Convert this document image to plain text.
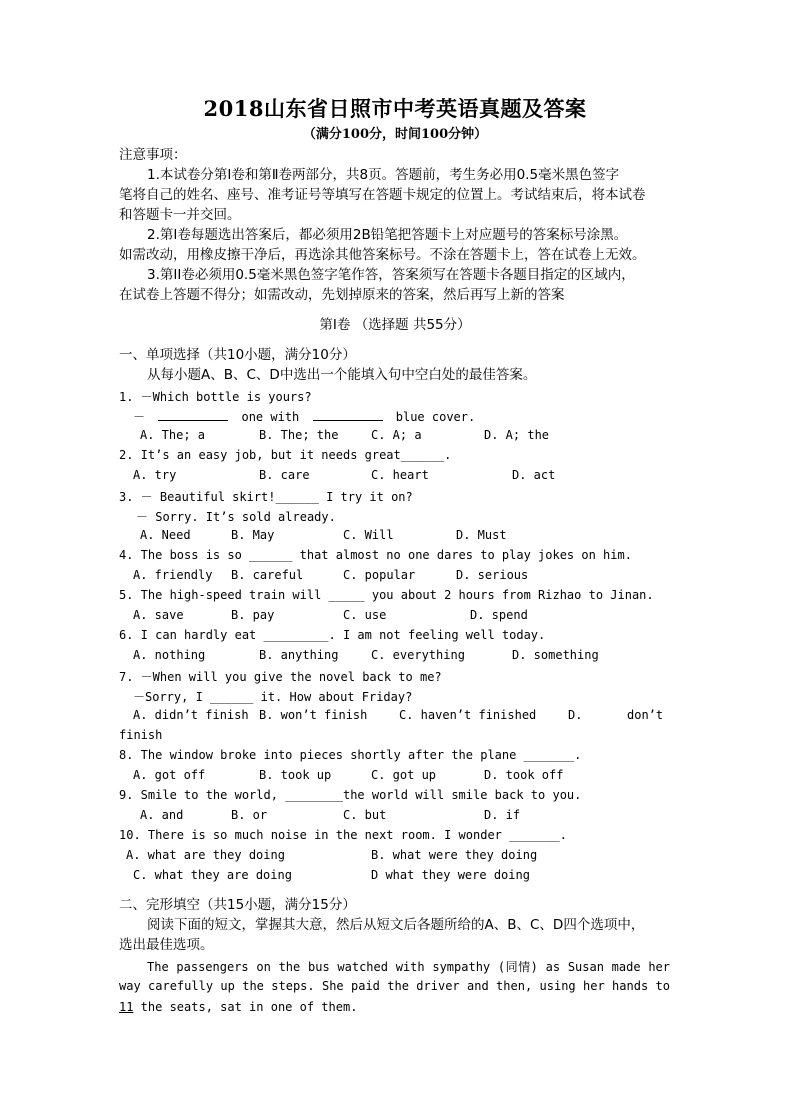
2018山东省日照市中考英语真题及答案
（满分100分，时间100分钟）
注意事项：
1.本试卷分第Ⅰ卷和第Ⅱ卷两部分，共8页。答题前，考生务必用0.5毫米黑色签字
笔将自己的姓名、座号、准考证号等填写在答题卡规定的位置上。考试结束后，将本试卷
和答题卡一并交回。
2.第Ⅰ卷每题选出答案后，都必须用2B铅笔把答题卡上对应题号的答案标号涂黑。
如需改动，用橡皮擦干净后，再选涂其他答案标号。不涂在答题卡上，答在试卷上无效。
3.第II卷必须用0.5毫米黑色签字笔作答，答案须写在答题卡各题目指定的区域内，
在试卷上答题不得分；如需改动，先划掉原来的答案，然后再写上新的答案
第Ⅰ卷 （选择题 共55分）
一、单项选择（共10小题，满分10分）
从每小题A、B、C、D中选出一个能填入句中空白处的最佳答案。
1. －Which bottle is yours?
－	one with	blue cover.
A. The; a	B. The; the	C. A; a	D. A; the
2. It’s an easy job, but it needs great______.
A. try	B. care	C. heart	D. act
3. － Beautiful skirt!______ I try it on?
－ Sorry. It’s sold already.
A. Need	B. May	C. Will	D. Must
4. The boss is so ______ that almost no one dares to play jokes on him.
A. friendly B. careful	C. popular	D. serious
5. The high-speed train will _____ you about 2 hours from Rizhao to Jinan.
A. save	B. pay	C. use	D. spend
6. I can hardly eat _________. I am not feeling well today.
A. nothing	B. anything	C. everything	D. something
7. －When will you give the novel back to me?
－Sorry, I ______ it. How about Friday?
A. didn’t finish B. won’t finish	C. haven’t finished	D.	don’t
finish
8. The window broke into pieces shortly after the plane _______.
A. got off	B. took up	C. got up	D. took off
9. Smile to the world, ________the world will smile back to you.
A. and	B. or	C. but	D. if
10. There is so much noise in the next room. I wonder _______.
A. what are they doing	B. what were they doing
C. what they are doing	D what they were doing
二、完形填空（共15小题，满分15分）
阅读下面的短文，掌握其大意，然后从短文后各题所给的A、B、C、D四个选项中，
选出最佳选项。
The passengers on the bus watched with sympathy (同情) as Susan made her
way carefully up the steps. She paid the driver and then, using her hands to
11 the seats, sat in one of them.
